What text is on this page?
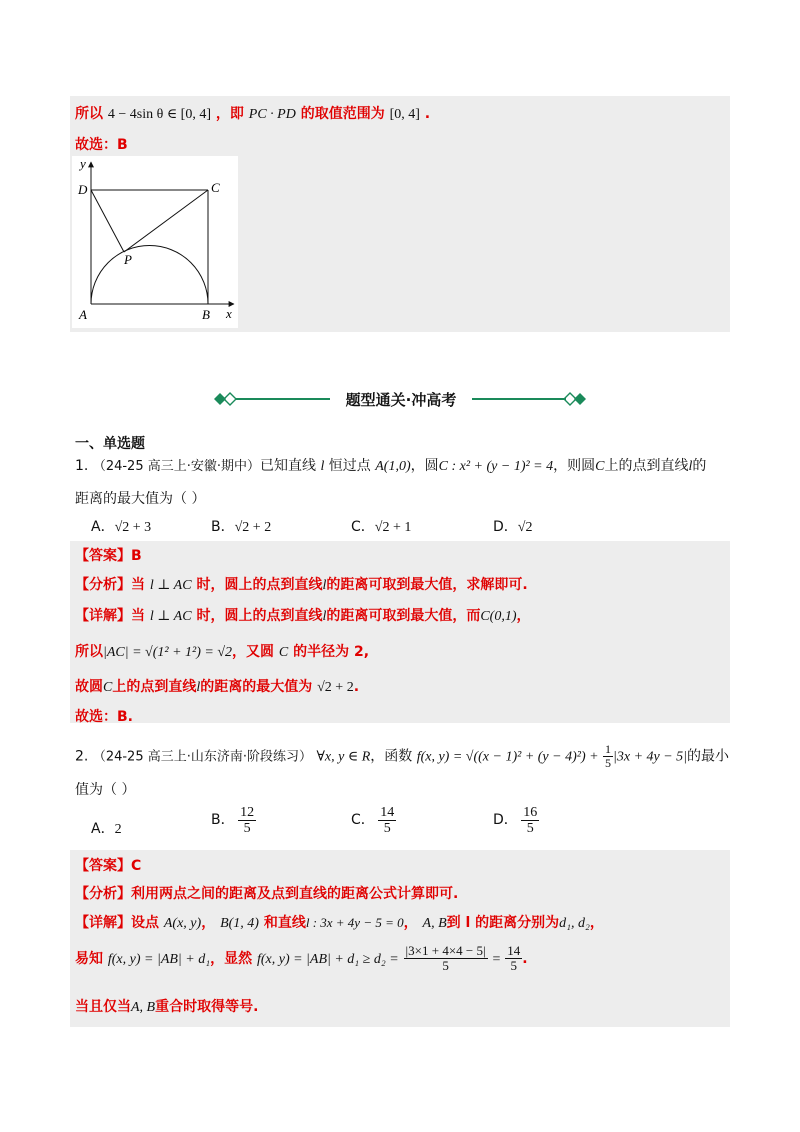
所以 4 − 4sin θ ∈ [0, 4] ，即 PC · PD 的取值范围为 [0, 4] .
故选：B
y
D	C
P
A	B x
题型通关·冲高考
一、单选题
1. （24-25 高三上·安徽·期中）已知直线 l 恒过点 A(1,0)，圆C : x² + (y − 1)² = 4，则圆C上的点到直线l的
距离的最大值为（ ）
A．√2 + 3	B．√2 + 2	C．√2 + 1	D．√2
【答案】B
【分析】当 l ⊥ AC 时，圆上的点到直线l的距离可取到最大值，求解即可.
【详解】当 l ⊥ AC 时，圆上的点到直线l的距离可取到最大值，而C(0,1)，
所以|AC| = √(1² + 1²) = √2，又圆 C 的半径为 2,
故圆C上的点到直线l的距离的最大值为 √2 + 2.
故选：B.
2. （24-25 高三上·山东济南·阶段练习） ∀x, y ∈ R，函数 f(x, $y) = √((x - 1)^2 + (y - 4)^2) + \frac{1}{5} |3x + 4y - 5|$的最小
值为（ ）
A．2
B． $\frac{12}{5}$	C． $\frac{14}{5}$	D． $\frac{16}{5}$
【答案】C
【分析】利用两点之间的距离及点到直线的距离公式计算即可.
【详解】设点 A(x, y)， B(1, 4) 和直线l : 3x + 4y − 5 = 0， A, B到 l 的距离分别为d₁, d₂，
易知 f(x, y) = |AB| + d₁，显然 f(x, $y) = |AB| + d_1 \ge d_2 = \frac{|3\times 1 + 4\times 4 - 5|}{5} = \frac{14}{5}$ .
当且仅当A, B重合时取得等号.
